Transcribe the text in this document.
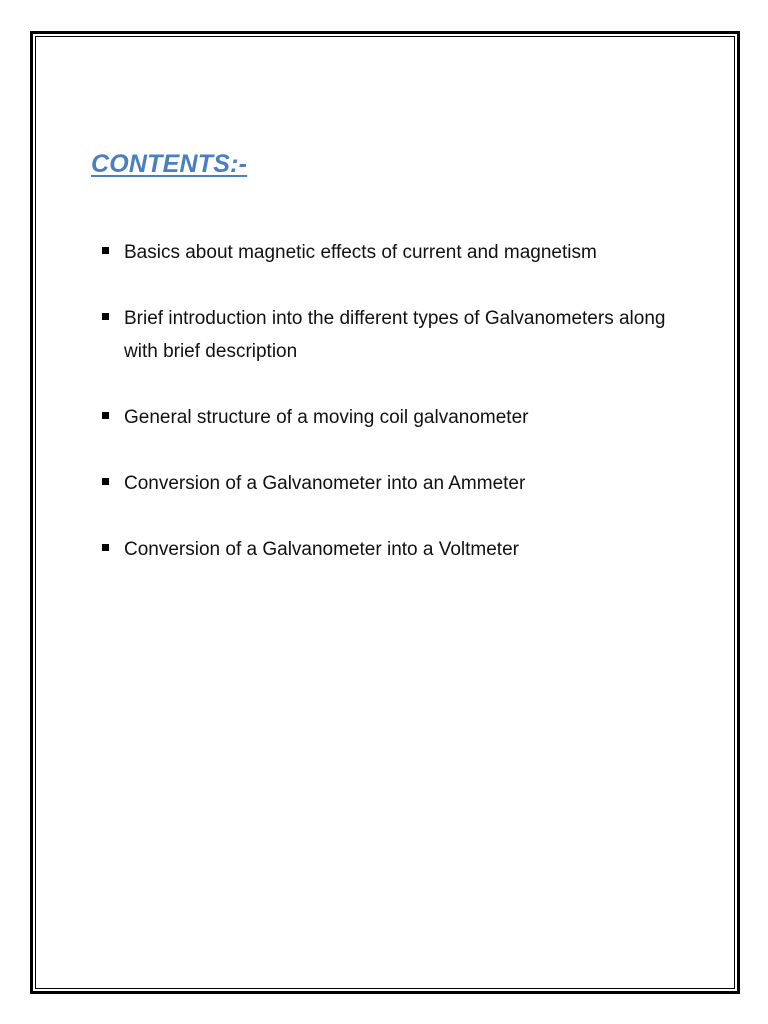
CONTENTS:-
Basics about magnetic effects of current and magnetism
Brief introduction into the different types of Galvanometers along with brief description
General structure of a moving coil galvanometer
Conversion of a Galvanometer into an Ammeter
Conversion of a Galvanometer into a Voltmeter
